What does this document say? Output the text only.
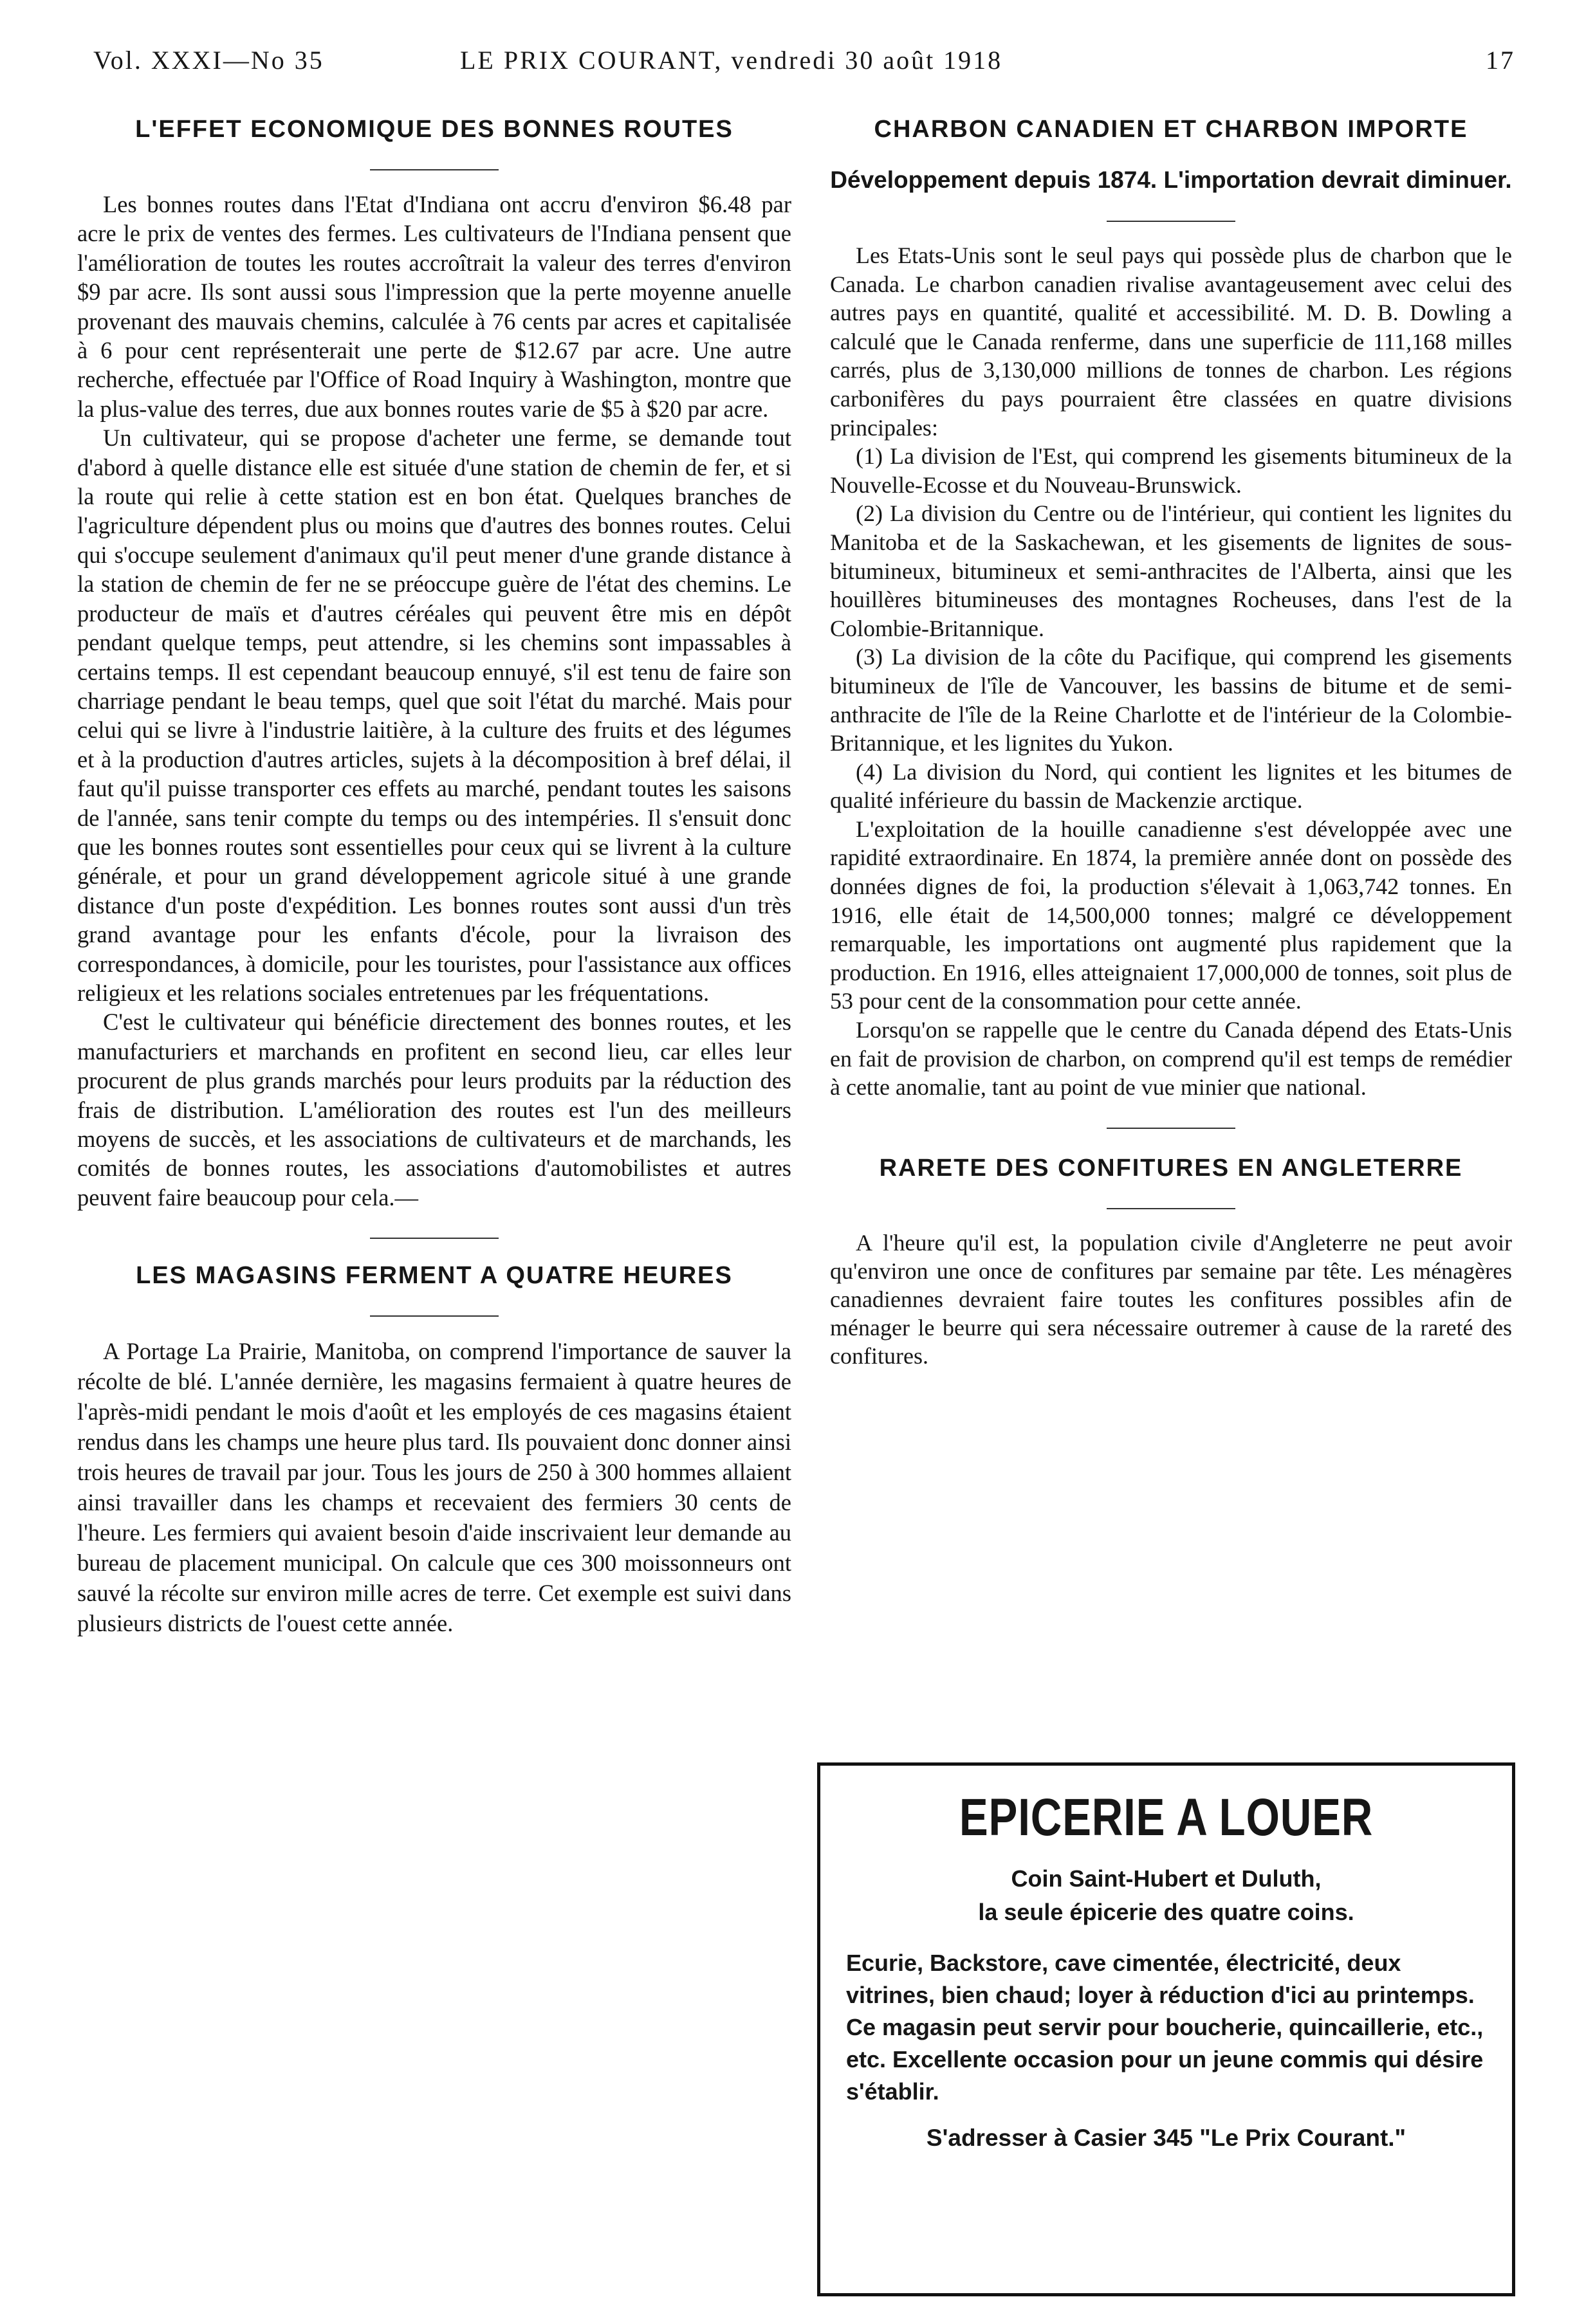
Vol. XXXI—No 35	LE PRIX COURANT, vendredi 30 août 1918	17
L'EFFET ECONOMIQUE DES BONNES ROUTES

Les bonnes routes dans l'Etat d'Indiana ont accru d'environ $6.48 par acre le prix de ventes des fermes. Les cultivateurs de l'Indiana pensent que l'amélioration de toutes les routes accroîtrait la valeur des terres d'environ $9 par acre. Ils sont aussi sous l'impression que la perte moyenne anuelle provenant des mauvais chemins, calculée à 76 cents par acres et capitalisée à 6 pour cent représenterait une perte de $12.67 par acre. Une autre recherche, effectuée par l'Office of Road Inquiry à Washington, montre que la plus-value des terres, due aux bonnes routes varie de $5 à $20 par acre.

Un cultivateur, qui se propose d'acheter une ferme, se demande tout d'abord à quelle distance elle est située d'une station de chemin de fer, et si la route qui relie à cette station est en bon état. Quelques branches de l'agriculture dépendent plus ou moins que d'autres des bonnes routes. Celui qui s'occupe seulement d'animaux qu'il peut mener d'une grande distance à la station de chemin de fer ne se préoccupe guère de l'état des chemins. Le producteur de maïs et d'autres céréales qui peuvent être mis en dépôt pendant quelque temps, peut attendre, si les chemins sont impassables à certains temps. Il est cependant beaucoup ennuyé, s'il est tenu de faire son charriage pendant le beau temps, quel que soit l'état du marché. Mais pour celui qui se livre à l'industrie laitière, à la culture des fruits et des légumes et à la production d'autres articles, sujets à la décomposition à bref délai, il faut qu'il puisse transporter ces effets au marché, pendant toutes les saisons de l'année, sans tenir compte du temps ou des intempéries. Il s'ensuit donc que les bonnes routes sont essentielles pour ceux qui se livrent à la culture générale, et pour un grand développement agricole situé à une grande distance d'un poste d'expédition. Les bonnes routes sont aussi d'un très grand avantage pour les enfants d'école, pour la livraison des correspondances, à domicile, pour les touristes, pour l'assistance aux offices religieux et les relations sociales entretenues par les fréquentations.

C'est le cultivateur qui bénéficie directement des bonnes routes, et les manufacturiers et marchands en profitent en second lieu, car elles leur procurent de plus grands marchés pour leurs produits par la réduction des frais de distribution. L'amélioration des routes est l'un des meilleurs moyens de succès, et les associations de cultivateurs et de marchands, les comités de bonnes routes, les associations d'automobilistes et autres peuvent faire beaucoup pour cela.—

LES MAGASINS FERMENT A QUATRE HEURES

A Portage La Prairie, Manitoba, on comprend l'importance de sauver la récolte de blé. L'année dernière, les magasins fermaient à quatre heures de l'après-midi pendant le mois d'août et les employés de ces magasins étaient rendus dans les champs une heure plus tard. Ils pouvaient donc donner ainsi trois heures de travail par jour. Tous les jours de 250 à 300 hommes allaient ainsi travailler dans les champs et recevaient des fermiers 30 cents de l'heure. Les fermiers qui avaient besoin d'aide inscrivaient leur demande au bureau de placement municipal. On calcule que ces 300 moissonneurs ont sauvé la récolte sur environ mille acres de terre. Cet exemple est suivi dans plusieurs districts de l'ouest cette année.

CHARBON CANADIEN ET CHARBON IMPORTE
Développement depuis 1874. L'importation devrait diminuer.

Les Etats-Unis sont le seul pays qui possède plus de charbon que le Canada. Le charbon canadien rivalise avantageusement avec celui des autres pays en quantité, qualité et accessibilité. M. D. B. Dowling a calculé que le Canada renferme, dans une superficie de 111,168 milles carrés, plus de 3,130,000 millions de tonnes de charbon. Les régions carbonifères du pays pourraient être classées en quatre divisions principales:

(1) La division de l'Est, qui comprend les gisements bitumineux de la Nouvelle-Ecosse et du Nouveau-Brunswick.

(2) La division du Centre ou de l'intérieur, qui contient les lignites du Manitoba et de la Saskachewan, et les gisements de lignites de sous-bitumineux, bitumineux et semi-anthracites de l'Alberta, ainsi que les houillères bitumineuses des montagnes Rocheuses, dans l'est de la Colombie-Britannique.

(3) La division de la côte du Pacifique, qui comprend les gisements bitumineux de l'île de Vancouver, les bassins de bitume et de semi-anthracite de l'île de la Reine Charlotte et de l'intérieur de la Colombie-Britannique, et les lignites du Yukon.

(4) La division du Nord, qui contient les lignites et les bitumes de qualité inférieure du bassin de Mackenzie arctique.

L'exploitation de la houille canadienne s'est développée avec une rapidité extraordinaire. En 1874, la première année dont on possède des données dignes de foi, la production s'élevait à 1,063,742 tonnes. En 1916, elle était de 14,500,000 tonnes; malgré ce développement remarquable, les importations ont augmenté plus rapidement que la production. En 1916, elles atteignaient 17,000,000 de tonnes, soit plus de 53 pour cent de la consommation pour cette année.

Lorsqu'on se rappelle que le centre du Canada dépend des Etats-Unis en fait de provision de charbon, on comprend qu'il est temps de remédier à cette anomalie, tant au point de vue minier que national.

RARETE DES CONFITURES EN ANGLETERRE

A l'heure qu'il est, la population civile d'Angleterre ne peut avoir qu'environ une once de confitures par semaine par tête. Les ménagères canadiennes devraient faire toutes les confitures possibles afin de ménager le beurre qui sera nécessaire outremer à cause de la rareté des confitures.

EPICERIE A LOUER
Coin Saint-Hubert et Duluth,
la seule épicerie des quatre coins.
Ecurie, Backstore, cave cimentée, électricité, deux vitrines, bien chaud; loyer à réduction d'ici au printemps. Ce magasin peut servir pour boucherie, quincaillerie, etc., etc. Excellente occasion pour un jeune commis qui désire s'établir.
S'adresser à Casier 345 "Le Prix Courant."
